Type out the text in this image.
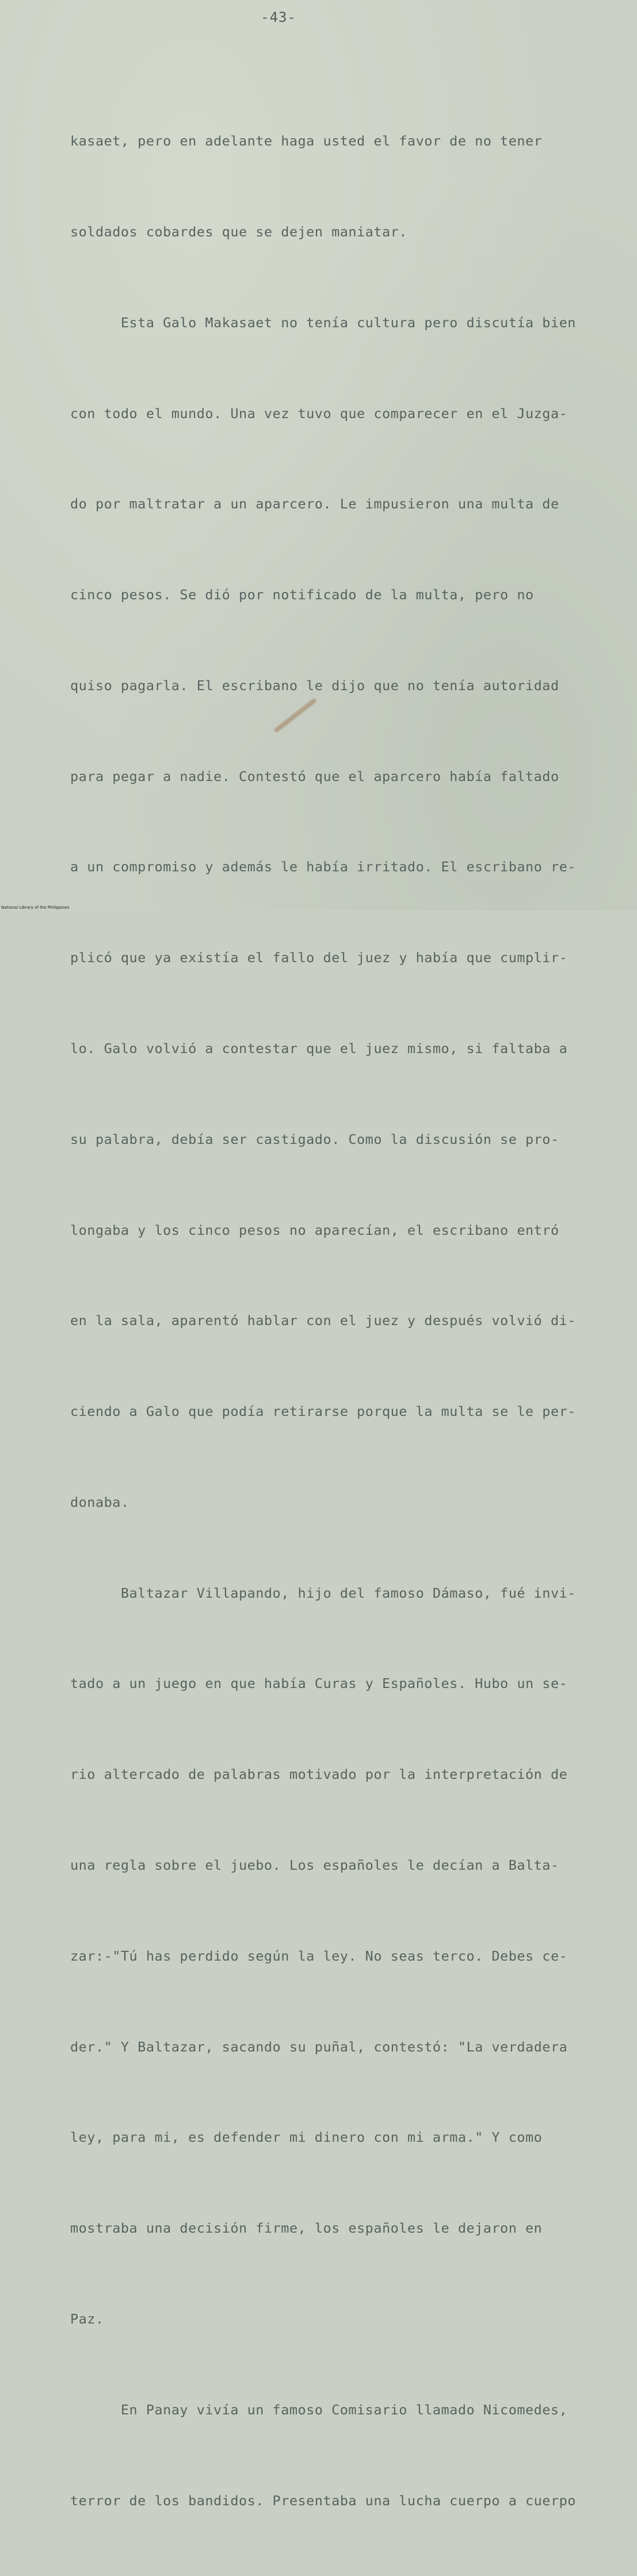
-43-

kasaet, pero en adelante haga usted el favor de no tener

soldados cobardes que se dejen maniatar.

Esta Galo Makasaet no tenía cultura pero discutía bien

con todo el mundo. Una vez tuvo que comparecer en el Juzga-

do por maltratar a un aparcero. Le impusieron una multa de

cinco pesos. Se dió por notificado de la multa, pero no

quiso pagarla. El escribano le dijo que no tenía autoridad

para pegar a nadie. Contestó que el aparcero había faltado

a un compromiso y además le había irritado. El escribano re-

plicó que ya existía el fallo del juez y había que cumplir-

lo. Galo volvió a contestar que el juez mismo, si faltaba a

su palabra, debía ser castigado. Como la discusión se pro-

longaba y los cinco pesos no aparecían, el escribano entró

en la sala, aparentó hablar con el juez y después volvió di-

ciendo a Galo que podía retirarse porque la multa se le per-

donaba.

Baltazar Villapando, hijo del famoso Dámaso, fué invi-

tado a un juego en que había Curas y Españoles. Hubo un se-

rio altercado de palabras motivado por la interpretación de

una regla sobre el juebo. Los españoles le decían a Balta-

zar:-"Tú has perdido según la ley. No seas terco. Debes ce-

der." Y Baltazar, sacando su puñal, contestó: "La verdadera

ley, para mi, es defender mi dinero con mi arma." Y como

mostraba una decisión firme, los españoles le dejaron en

Paz.

En Panay vivía un famoso Comisario llamado Nicomedes,

terror de los bandidos. Presentaba una lucha cuerpo a cuerpo

National Library of the Philippines
